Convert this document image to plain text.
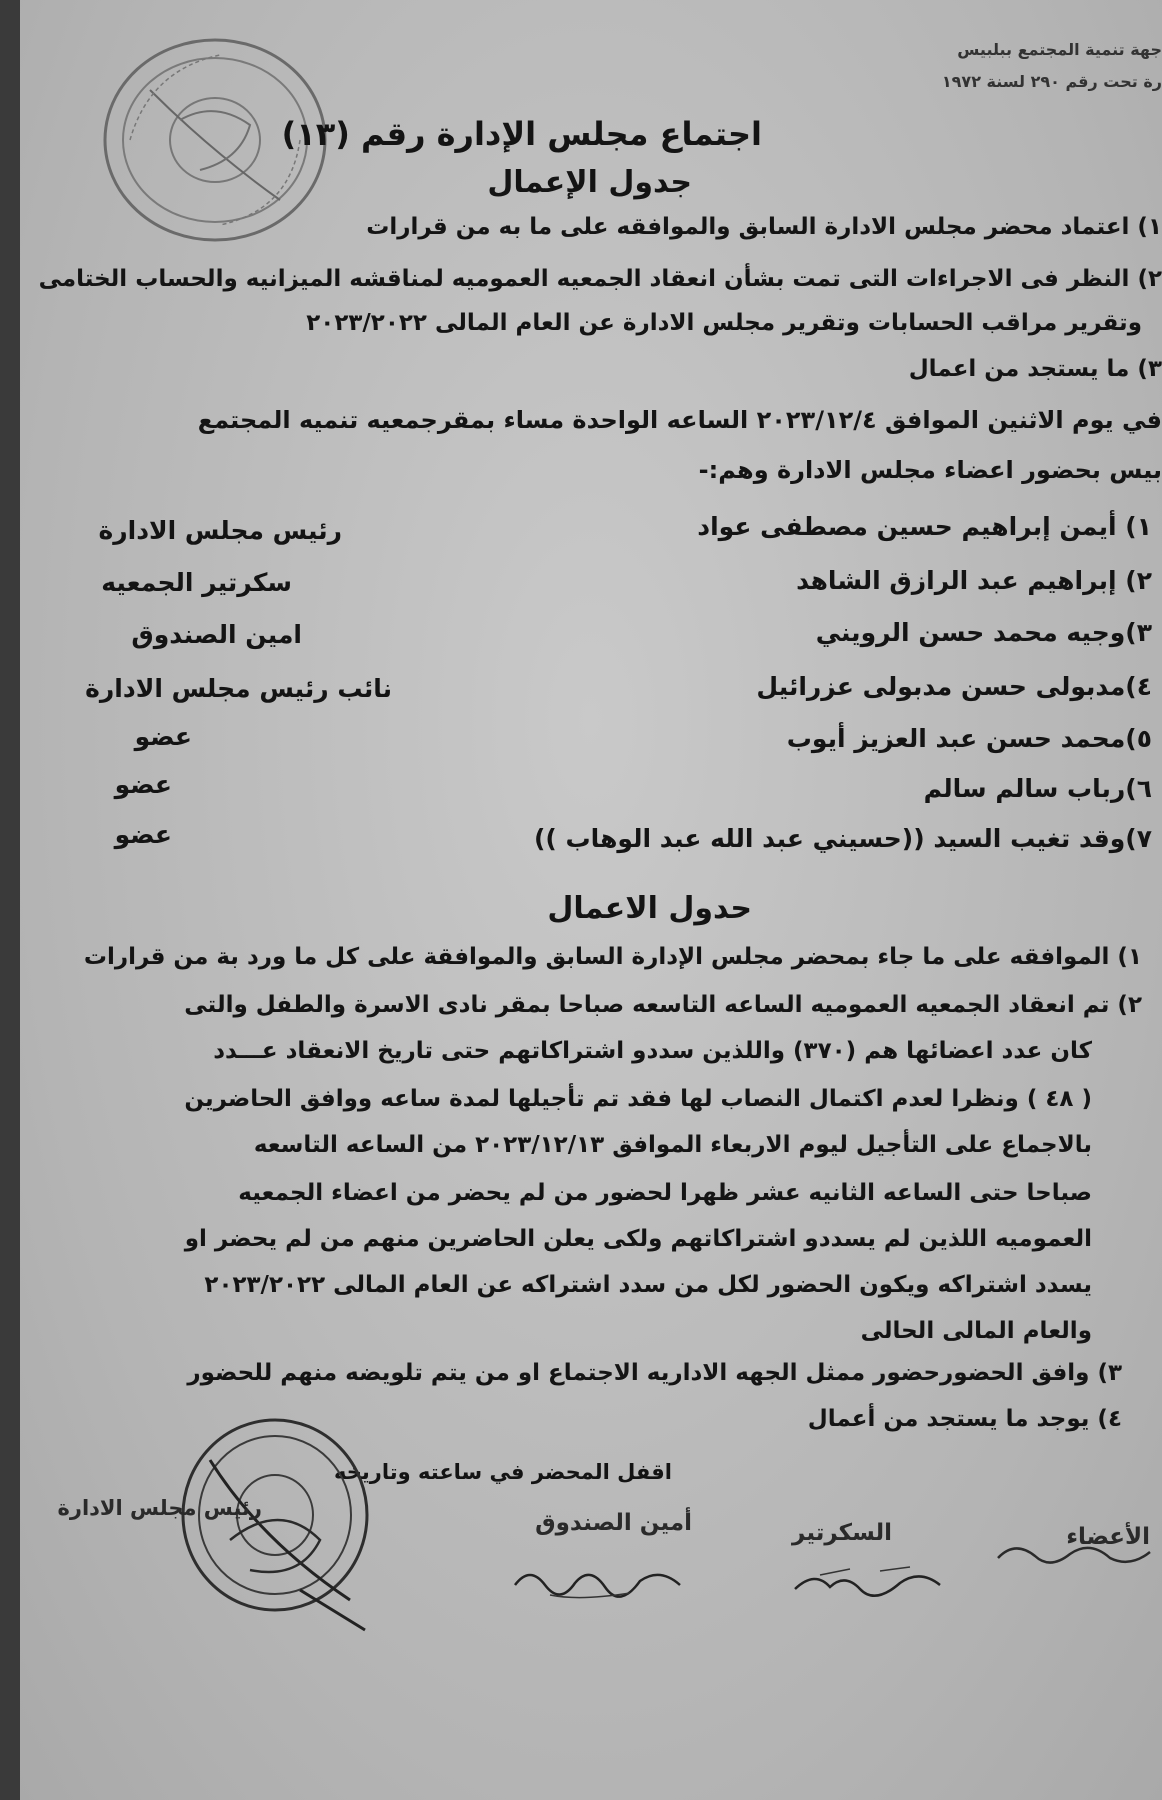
جهة تنمية المجتمع ببلبيس
رة تحت رقم ٢٩٠ لسنة ١٩٧٢
اجتماع مجلس الإدارة رقم (١٣)
جدول الإعمال
١) اعتماد محضر مجلس الادارة السابق والموافقه على ما به من قرارات
٢) النظر فى الاجراءات التى تمت بشأن انعقاد الجمعيه العموميه لمناقشه الميزانيه والحساب الختامى
وتقرير مراقب الحسابات وتقرير مجلس الادارة عن العام المالى ٢٠٢٣/٢٠٢٢
٣) ما يستجد من اعمال
في يوم الاثنين الموافق ٢٠٢٣/١٢/٤ الساعه الواحدة مساء بمقرجمعيه تنميه المجتمع
بيس بحضور اعضاء مجلس الادارة وهم:-
١) أيمن إبراهيم حسين مصطفى عواد
رئيس مجلس الادارة
٢) إبراهيم عبد الرازق الشاهد
سكرتير الجمعيه
٣)وجيه محمد حسن الرويني
امين الصندوق
٤)مدبولى حسن مدبولى عزرائيل
نائب رئيس مجلس الادارة
٥)محمد حسن عبد العزيز أيوب
عضو
٦)رباب سالم سالم
عضو
٧)وقد تغيب السيد ((حسيني عبد الله عبد الوهاب ))
عضو
حدول الاعمال
١) الموافقه على ما جاء بمحضر مجلس الإدارة السابق والموافقة على كل ما ورد بة من قرارات
٢) تم انعقاد الجمعيه العموميه الساعه التاسعه صباحا بمقر نادى الاسرة والطفل والتى
كان عدد اعضائها هم (٣٧٠) واللذين سددو اشتراكاتهم حتى تاريخ الانعقاد عـــدد
( ٤٨ ) ونظرا لعدم اكتمال النصاب لها فقد تم تأجيلها لمدة ساعه ووافق الحاضرين
بالاجماع على التأجيل ليوم الاربعاء الموافق ٢٠٢٣/١٢/١٣ من الساعه التاسعه
صباحا حتى الساعه الثانيه عشر ظهرا لحضور من لم يحضر من اعضاء الجمعيه
العموميه اللذين لم يسددو اشتراكاتهم ولكى يعلن الحاضرين منهم من لم يحضر او
يسدد اشتراكه ويكون الحضور لكل من سدد اشتراكه عن العام المالى ٢٠٢٣/٢٠٢٢
والعام المالى الحالى
٣) وافق الحضورحضور ممثل الجهه الاداريه الاجتماع او من يتم تلويضه منهم للحضور
٤) يوجد ما يستجد من أعمال
اقفل المحضر في ساعته وتاريخه
رئيس مجلس الادارة
أمين الصندوق	السكرتير	الأعضاء
